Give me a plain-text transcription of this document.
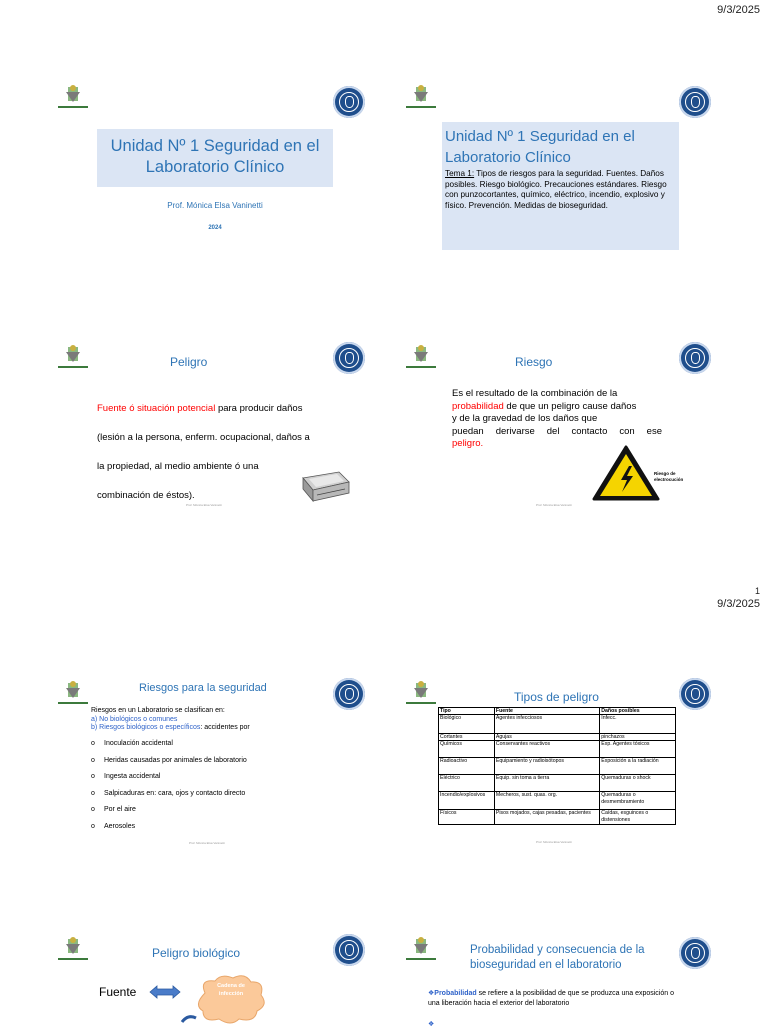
9/3/2025
1
9/3/2025
Unidad Nº 1 Seguridad en el Laboratorio Clínico
Prof. Mónica Elsa Vaninetti
2024
Unidad Nº 1 Seguridad en el Laboratorio Clínico
Tema 1: Tipos de riesgos para la seguridad. Fuentes. Daños posibles. Riesgo biológico. Precauciones estándares. Riesgo con punzocortantes, químico, eléctrico, incendio, explosivo y físico. Prevención. Medidas de bioseguridad.
Peligro
Fuente ó situación potencial para producir daños
(lesión a la persona, enferm. ocupacional, daños a
la propiedad, al medio ambiente ó una
combinación de éstos).
Prof. Mónica Elsa Vaninetti
Riesgo
Es el resultado de la combinación de la
probabilidad de que un peligro cause daños
y de la gravedad de los daños que
puedan derivarse del contacto con ese
peligro.
Riesgo de electrocución
Prof. Mónica Elsa Vaninetti
Riesgos para la seguridad
Riesgos en un Laboratorio se clasifican en:
a) No biológicos o comunes
b) Riesgos biológicos o específicos: accidentes por
o Inoculación accidental
o Heridas causadas por animales de laboratorio
o Ingesta accidental
o Salpicaduras en: cara, ojos y contacto directo
o Por el aire
o Aerosoles
Prof. Mónica Elsa Vaninetti
Tipos de peligro
Tipo	Fuente	Daños posibles
Biológico	Agentes infecciosos	Infecc.
Cortantes	Agujas	pinchazos
Químicos	Conservantes reactivos	Exp. Agentes tóxicos
Radioactivo	Equipamiento y radioisótopos	Exposición a la radiación
Eléctrico	Equip. sin toma a tierra	Quemaduras o shock
Incendio/explosivos	Mecheros, sust. quas. org.	Quemaduras o desmembramiento
Físicos	Pisos mojados, cajas pesadas, pacientes	Caídas, esguinces o distensiones
Prof. Mónica Elsa Vaninetti
Peligro biológico
Fuente	Cadena de infección
Probabilidad y consecuencia de la bioseguridad en el laboratorio
❖Probabilidad se refiere a la posibilidad de que se produzca una exposición o una liberación hacia el exterior del laboratorio
❖
